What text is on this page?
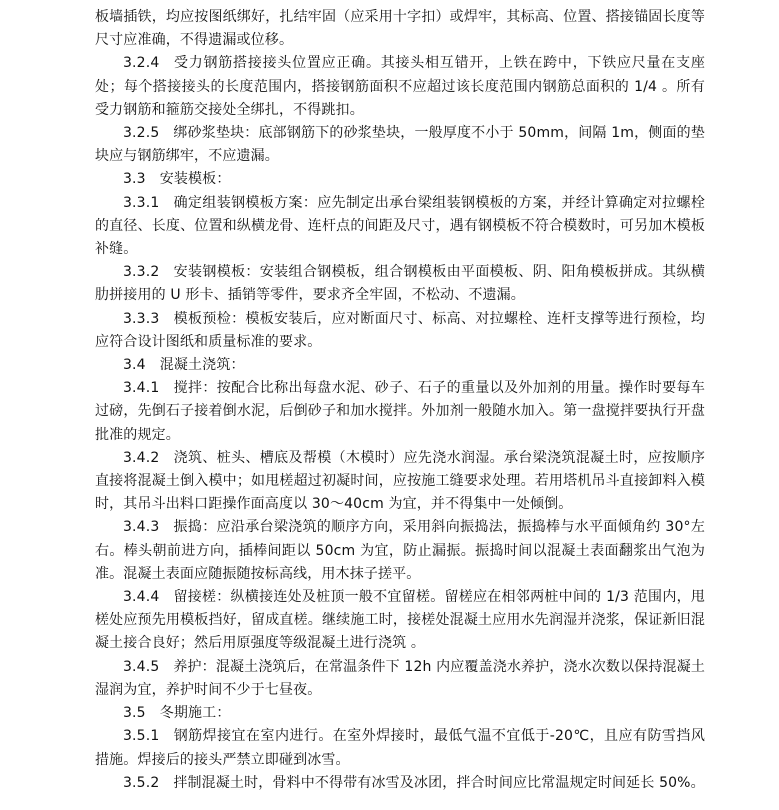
板墙插铁，均应按图纸绑好，扎结牢固（应采用十字扣）或焊牢，其标高、位置、搭接锚固长度等尺寸应准确，不得遗漏或位移。

3.2.4 受力钢筋搭接接头位置应正确。其接头相互错开，上铁在跨中，下铁应尺量在支座处；每个搭接接头的长度范围内，搭接钢筋面积不应超过该长度范围内钢筋总面积的 1/4 。所有受力钢筋和箍筋交接处全绑扎，不得跳扣。

3.2.5 绑砂浆垫块：底部钢筋下的砂浆垫块，一般厚度不小于 50mm，间隔 1m，侧面的垫块应与钢筋绑牢，不应遗漏。

3.3 安装模板：

3.3.1 确定组装钢模板方案：应先制定出承台梁组装钢模板的方案，并经计算确定对拉螺栓的直径、长度、位置和纵横龙骨、连杆点的间距及尺寸，遇有钢模板不符合模数时，可另加木模板补缝。

3.3.2 安装钢模板：安装组合钢模板，组合钢模板由平面模板、阴、阳角模板拼成。其纵横肋拼接用的 U 形卡、插销等零件，要求齐全牢固，不松动、不遗漏。

3.3.3 模板预检：模板安装后，应对断面尺寸、标高、对拉螺栓、连杆支撑等进行预检，均应符合设计图纸和质量标准的要求。

3.4 混凝土浇筑：

3.4.1 搅拌：按配合比称出每盘水泥、砂子、石子的重量以及外加剂的用量。操作时要每车过磅，先倒石子接着倒水泥，后倒砂子和加水搅拌。外加剂一般随水加入。第一盘搅拌要执行开盘批准的规定。

3.4.2 浇筑、桩头、槽底及帮模（木模时）应先浇水润湿。承台梁浇筑混凝土时，应按顺序直接将混凝土倒入模中；如甩槎超过初凝时间，应按施工缝要求处理。若用塔机吊斗直接卸料入模时，其吊斗出料口距操作面高度以 30～40cm 为宜，并不得集中一处倾倒。

3.4.3 振捣：应沿承台梁浇筑的顺序方向，采用斜向振捣法，振捣棒与水平面倾角约 30°左右。棒头朝前进方向，插棒间距以 50cm 为宜，防止漏振。振捣时间以混凝土表面翻浆出气泡为准。混凝土表面应随振随按标高线，用木抹子搓平。

3.4.4 留接槎：纵横接连处及桩顶一般不宜留槎。留槎应在相邻两桩中间的 1/3 范围内，甩槎处应预先用模板挡好，留成直槎。继续施工时，接槎处混凝土应用水先润湿并浇浆，保证新旧混凝土接合良好；然后用原强度等级混凝土进行浇筑 。

3.4.5 养护：混凝土浇筑后，在常温条件下 12h 内应覆盖浇水养护，浇水次数以保持混凝土湿润为宜，养护时间不少于七昼夜。

3.5 冬期施工：

3.5.1 钢筋焊接宜在室内进行。在室外焊接时，最低气温不宜低于-20℃，且应有防雪挡风措施。焊接后的接头严禁立即碰到冰雪。

3.5.2 拌制混凝土时，骨料中不得带有冰雪及冰团，拌合时间应比常温规定时间延长 50%。
